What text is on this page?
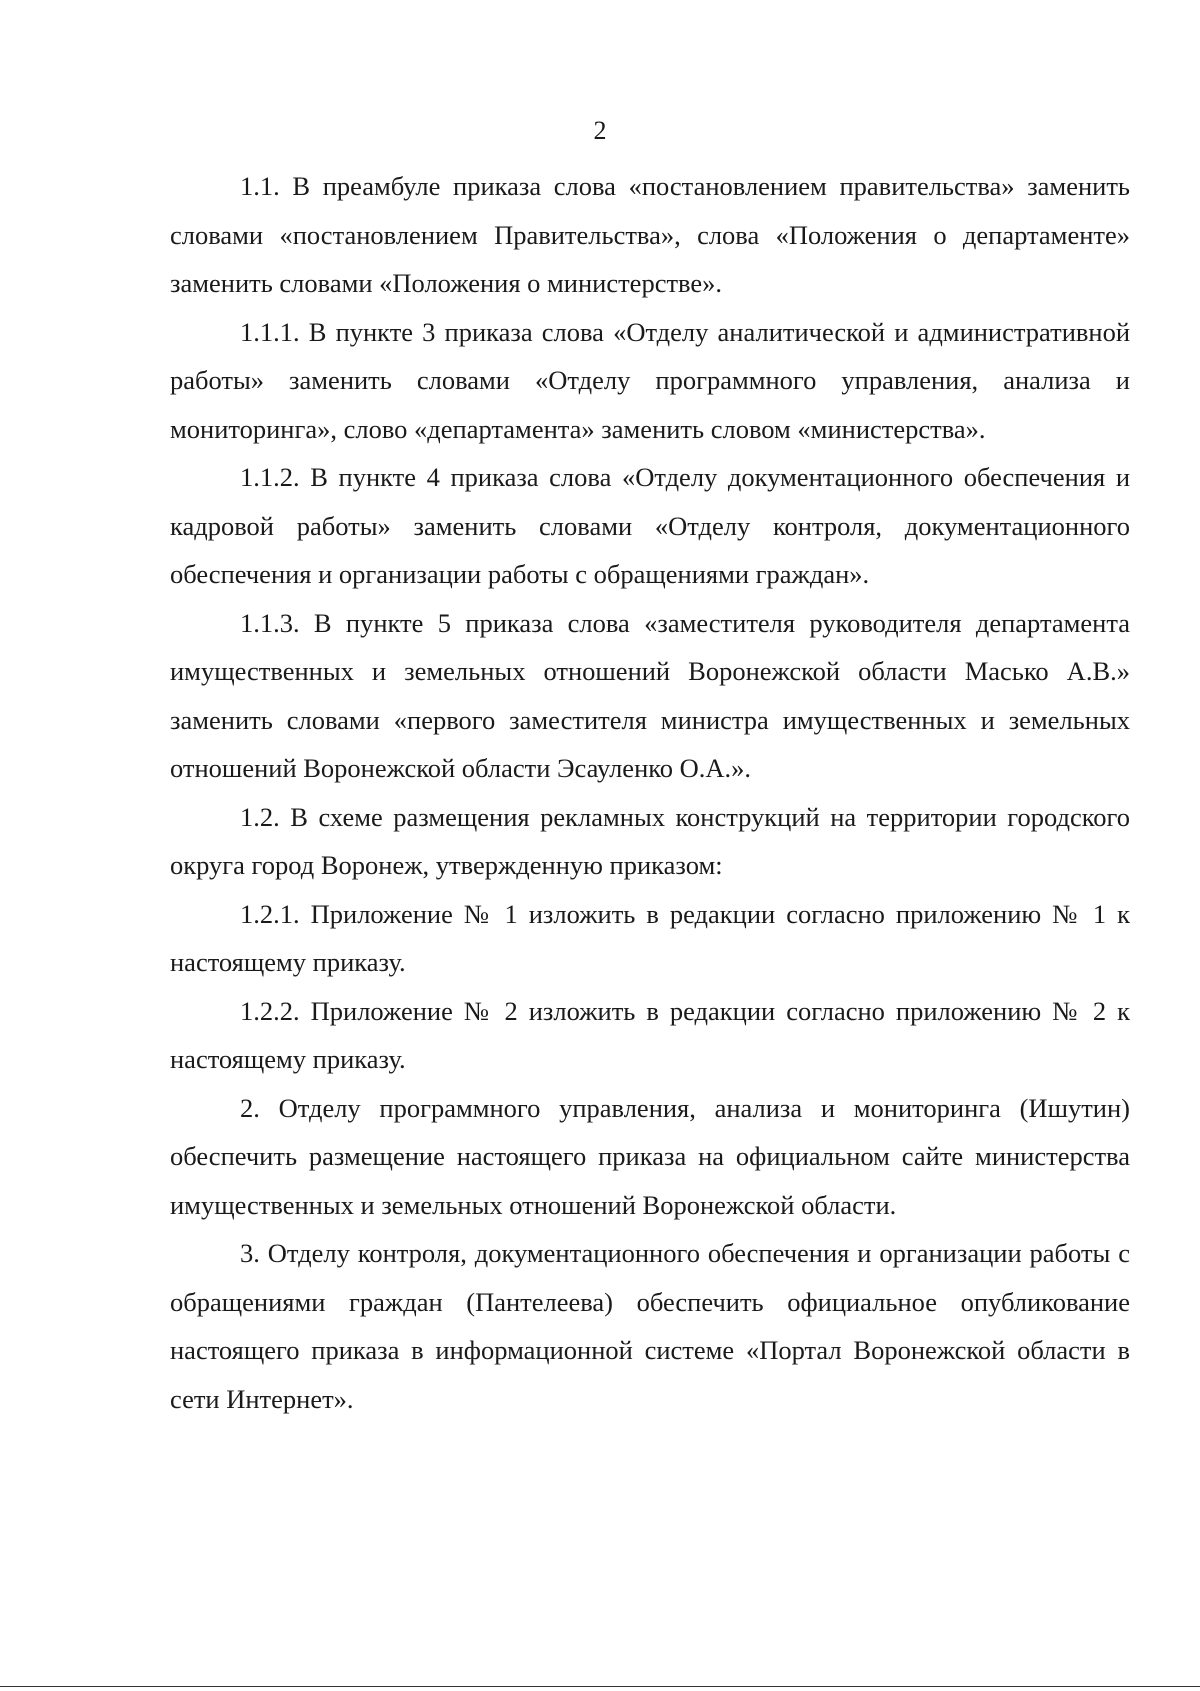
2

1.1. В преамбуле приказа слова «постановлением правительства» заменить словами «постановлением Правительства», слова «Положения о департаменте» заменить словами «Положения о министерстве».

1.1.1. В пункте 3 приказа слова «Отделу аналитической и административной работы» заменить словами «Отделу программного управления, анализа и мониторинга», слово «департамента» заменить словом «министерства».

1.1.2. В пункте 4 приказа слова «Отделу документационного обеспечения и кадровой работы» заменить словами «Отделу контроля, документационного обеспечения и организации работы с обращениями граждан».

1.1.3. В пункте 5 приказа слова «заместителя руководителя департамента имущественных и земельных отношений Воронежской области Масько А.В.» заменить словами «первого заместителя министра имущественных и земельных отношений Воронежской области Эсауленко О.А.».

1.2. В схеме размещения рекламных конструкций на территории городского округа город Воронеж, утвержденную приказом:

1.2.1. Приложение № 1 изложить в редакции согласно приложению № 1 к настоящему приказу.

1.2.2. Приложение № 2 изложить в редакции согласно приложению № 2 к настоящему приказу.

2. Отделу программного управления, анализа и мониторинга (Ишутин) обеспечить размещение настоящего приказа на официальном сайте министерства имущественных и земельных отношений Воронежской области.

3. Отделу контроля, документационного обеспечения и организации работы с обращениями граждан (Пантелеева) обеспечить официальное опубликование настоящего приказа в информационной системе «Портал Воронежской области в сети Интернет».
